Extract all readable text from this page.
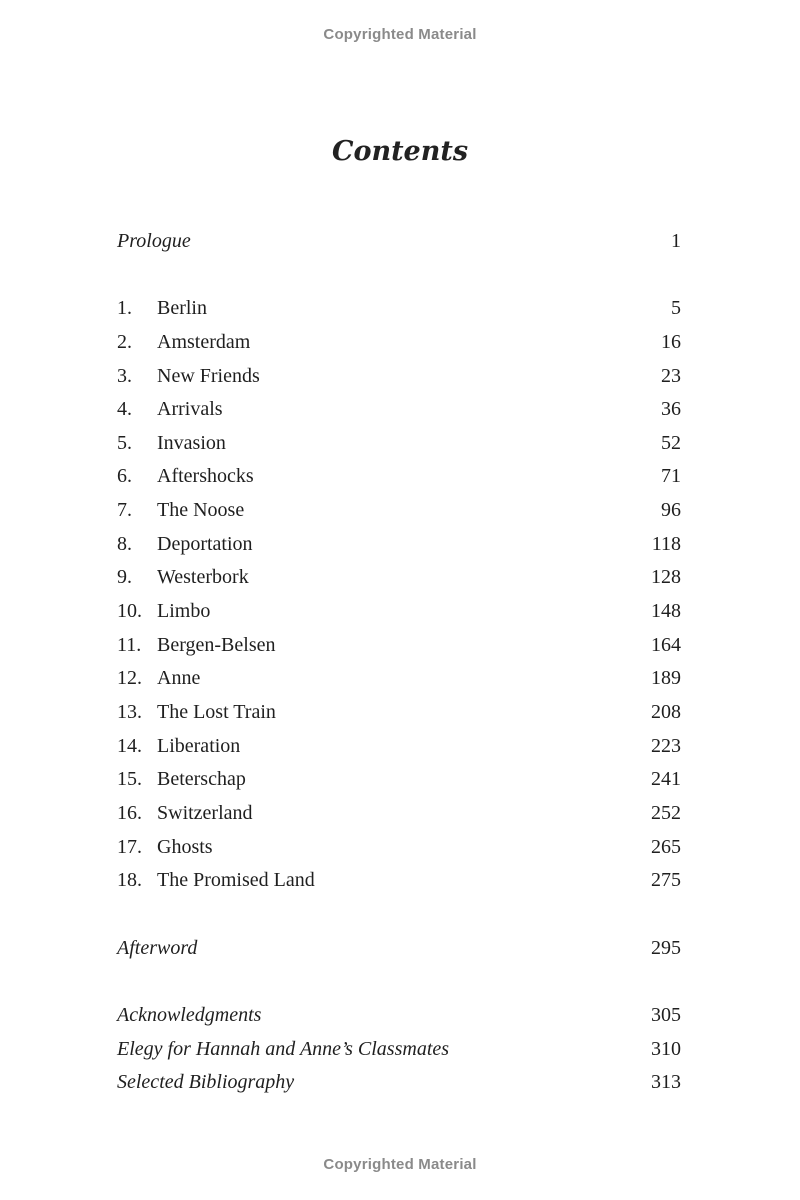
Copyrighted Material
Contents
Prologue	1
1. Berlin	5
2. Amsterdam	16
3. New Friends	23
4. Arrivals	36
5. Invasion	52
6. Aftershocks	71
7. The Noose	96
8. Deportation	118
9. Westerbork	128
10. Limbo	148
11. Bergen-Belsen	164
12. Anne	189
13. The Lost Train	208
14. Liberation	223
15. Beterschap	241
16. Switzerland	252
17. Ghosts	265
18. The Promised Land	275
Afterword	295
Acknowledgments	305
Elegy for Hannah and Anne’s Classmates	310
Selected Bibliography	313
Copyrighted Material
